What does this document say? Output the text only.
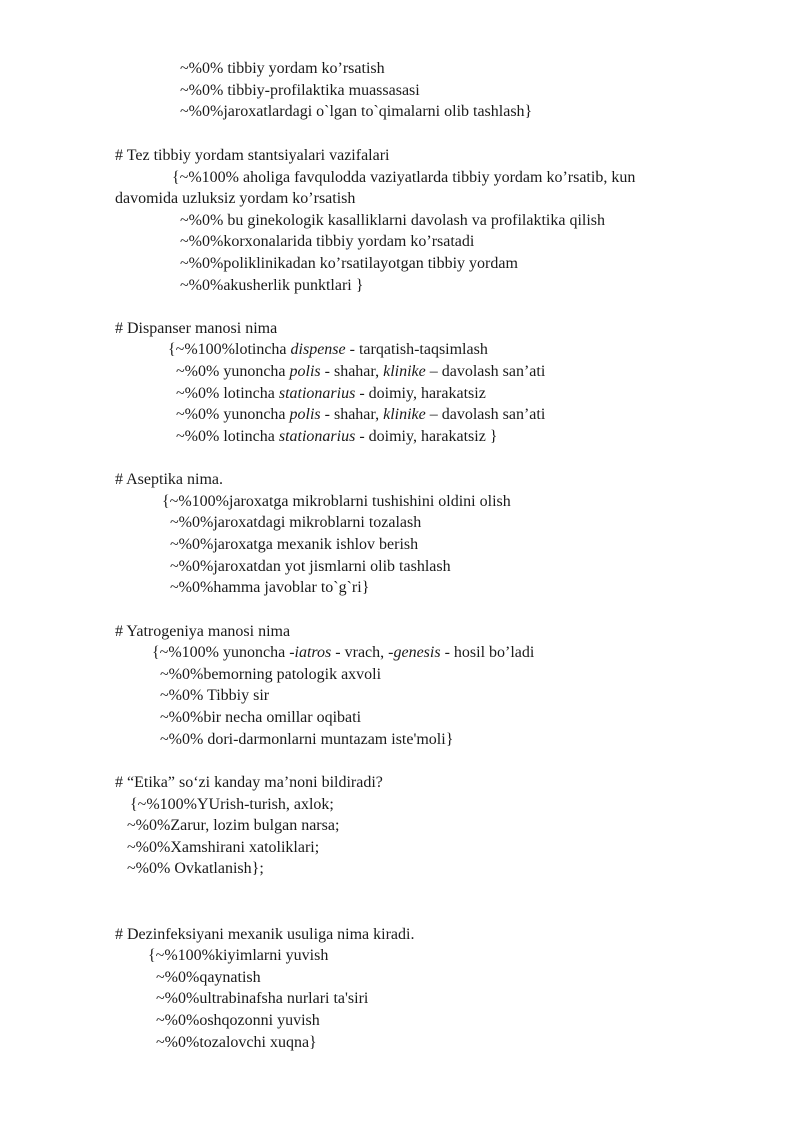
~%0% tibbiy yordam ko’rsatish
~%0% tibbiy-profilaktika muassasasi
~%0%jaroxatlardagi o`lgan to`qimalarni olib tashlash}
# Tez tibbiy yordam stantsiyalari vazifalari
{~%100% aholiga favqulodda vaziyatlarda tibbiy yordam ko’rsatib, kun
davomida uzluksiz yordam ko’rsatish
~%0% bu ginekologik kasalliklarni davolash va profilaktika qilish
~%0%korxonalarida tibbiy yordam ko’rsatadi
~%0%poliklinikadan ko’rsatilayotgan tibbiy yordam
~%0%akusherlik punktlari }
# Dispanser manosi nima
{~%100%lotincha dispense - tarqatish-taqsimlash
~%0% yunoncha polis - shahar, klinike – davolash san’ati
~%0% lotincha stationarius - doimiy, harakatsiz
~%0% yunoncha polis - shahar, klinike – davolash san’ati
~%0% lotincha stationarius - doimiy, harakatsiz }
# Aseptika nima.
{~%100%jaroxatga mikroblarni tushishini oldini olish
~%0%jaroxatdagi mikroblarni tozalash
~%0%jaroxatga mexanik ishlov berish
~%0%jaroxatdan yot jismlarni olib tashlash
~%0%hamma javoblar to`g`ri}
# Yatrogeniya manosi nima
{~%100% yunoncha -iatros - vrach, -genesis - hosil bo’ladi
~%0%bemorning patologik axvoli
~%0% Tibbiy sir
~%0%bir necha omillar oqibati
~%0% dori-darmonlarni muntazam iste'moli}
# “Etika” so‘zi kanday ma’noni bildiradi?
{~%100%YUrish-turish, axlok;
~%0%Zarur, lozim bulgan narsa;
~%0%Xamshirani xatoliklari;
~%0% Ovkatlanish};
# Dezinfeksiyani mexanik usuliga nima kiradi.
{~%100%kiyimlarni yuvish
~%0%qaynatish
~%0%ultrabinafsha nurlari ta'siri
~%0%oshqozonni yuvish
~%0%tozalovchi xuqna}
